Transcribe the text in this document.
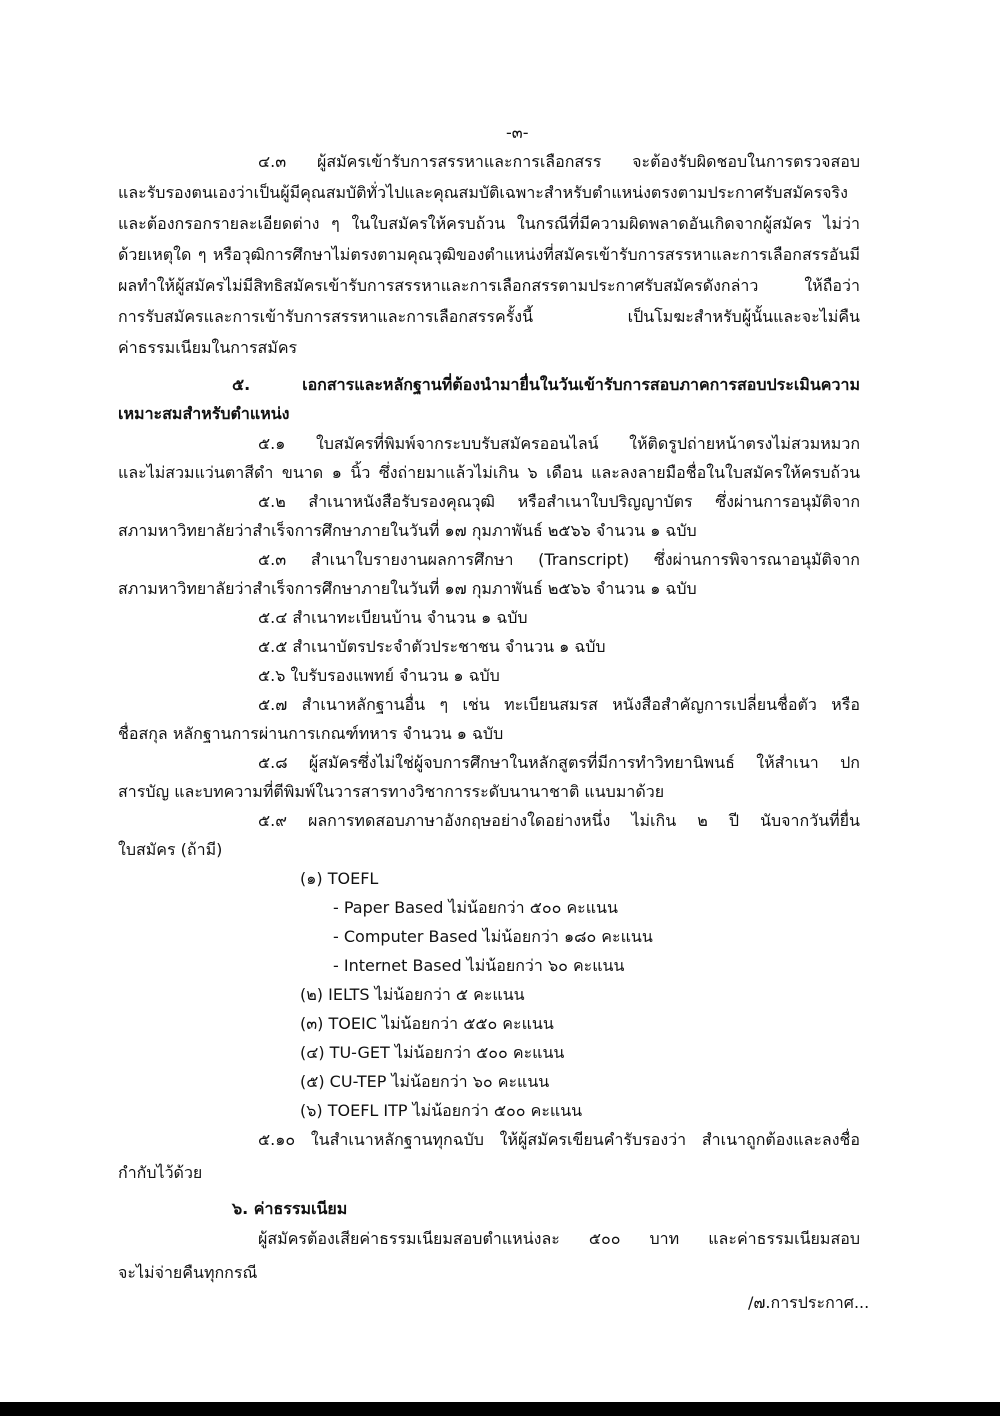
-๓-
๔.๓ ผู้สมัครเข้ารับการสรรหาและการเลือกสรร จะต้องรับผิดชอบในการตรวจสอบ
และรับรองตนเองว่าเป็นผู้มีคุณสมบัติทั่วไปและคุณสมบัติเฉพาะสำหรับตำแหน่งตรงตามประกาศรับสมัครจริง
และต้องกรอกรายละเอียดต่าง ๆ ในใบสมัครให้ครบถ้วน ในกรณีที่มีความผิดพลาดอันเกิดจากผู้สมัคร ไม่ว่า
ด้วยเหตุใด ๆ หรือวุฒิการศึกษาไม่ตรงตามคุณวุฒิของตำแหน่งที่สมัครเข้ารับการสรรหาและการเลือกสรรอันมี
ผลทำให้ผู้สมัครไม่มีสิทธิสมัครเข้ารับการสรรหาและการเลือกสรรตามประกาศรับสมัครดังกล่าว ให้ถือว่า
การรับสมัครและการเข้ารับการสรรหาและการเลือกสรรครั้งนี้ เป็นโมฆะสำหรับผู้นั้นและจะไม่คืน
ค่าธรรมเนียมในการสมัคร
๕. เอกสารและหลักฐานที่ต้องนำมายื่นในวันเข้ารับการสอบภาคการสอบประเมินความ
เหมาะสมสำหรับตำแหน่ง
๕.๑ ใบสมัครที่พิมพ์จากระบบรับสมัครออนไลน์ ให้ติดรูปถ่ายหน้าตรงไม่สวมหมวก
และไม่สวมแว่นตาสีดำ ขนาด ๑ นิ้ว ซึ่งถ่ายมาแล้วไม่เกิน ๖ เดือน และลงลายมือชื่อในใบสมัครให้ครบถ้วน
๕.๒ สำเนาหนังสือรับรองคุณวุฒิ หรือสำเนาใบปริญญาบัตร ซึ่งผ่านการอนุมัติจาก
สภามหาวิทยาลัยว่าสำเร็จการศึกษาภายในวันที่ ๑๗ กุมภาพันธ์ ๒๕๖๖ จำนวน ๑ ฉบับ
๕.๓ สำเนาใบรายงานผลการศึกษา (Transcript) ซึ่งผ่านการพิจารณาอนุมัติจาก
สภามหาวิทยาลัยว่าสำเร็จการศึกษาภายในวันที่ ๑๗ กุมภาพันธ์ ๒๕๖๖ จำนวน ๑ ฉบับ
๕.๔ สำเนาทะเบียนบ้าน จำนวน ๑ ฉบับ
๕.๕ สำเนาบัตรประจำตัวประชาชน จำนวน ๑ ฉบับ
๕.๖ ใบรับรองแพทย์ จำนวน ๑ ฉบับ
๕.๗ สำเนาหลักฐานอื่น ๆ เช่น ทะเบียนสมรส หนังสือสำคัญการเปลี่ยนชื่อตัว หรือ
ชื่อสกุล หลักฐานการผ่านการเกณฑ์ทหาร จำนวน ๑ ฉบับ
๕.๘ ผู้สมัครซึ่งไม่ใช่ผู้จบการศึกษาในหลักสูตรที่มีการทำวิทยานิพนธ์ ให้สำเนา ปก
สารบัญ และบทความที่ตีพิมพ์ในวารสารทางวิชาการระดับนานาชาติ แนบมาด้วย
๕.๙ ผลการทดสอบภาษาอังกฤษอย่างใดอย่างหนึ่ง ไม่เกิน ๒ ปี นับจากวันที่ยื่น
ใบสมัคร (ถ้ามี)
(๑) TOEFL
- Paper Based ไม่น้อยกว่า ๕๐๐ คะแนน
- Computer Based ไม่น้อยกว่า ๑๘๐ คะแนน
- Internet Based ไม่น้อยกว่า ๖๐ คะแนน
(๒) IELTS ไม่น้อยกว่า ๕ คะแนน
(๓) TOEIC ไม่น้อยกว่า ๕๕๐ คะแนน
(๔) TU-GET ไม่น้อยกว่า ๕๐๐ คะแนน
(๕) CU-TEP ไม่น้อยกว่า ๖๐ คะแนน
(๖) TOEFL ITP ไม่น้อยกว่า ๕๐๐ คะแนน
๕.๑๐ ในสำเนาหลักฐานทุกฉบับ ให้ผู้สมัครเขียนคำรับรองว่า สำเนาถูกต้องและลงชื่อ
กำกับไว้ด้วย
๖. ค่าธรรมเนียม
ผู้สมัครต้องเสียค่าธรรมเนียมสอบตำแหน่งละ ๕๐๐ บาท และค่าธรรมเนียมสอบ
จะไม่จ่ายคืนทุกกรณี
/๗.การประกาศ...
